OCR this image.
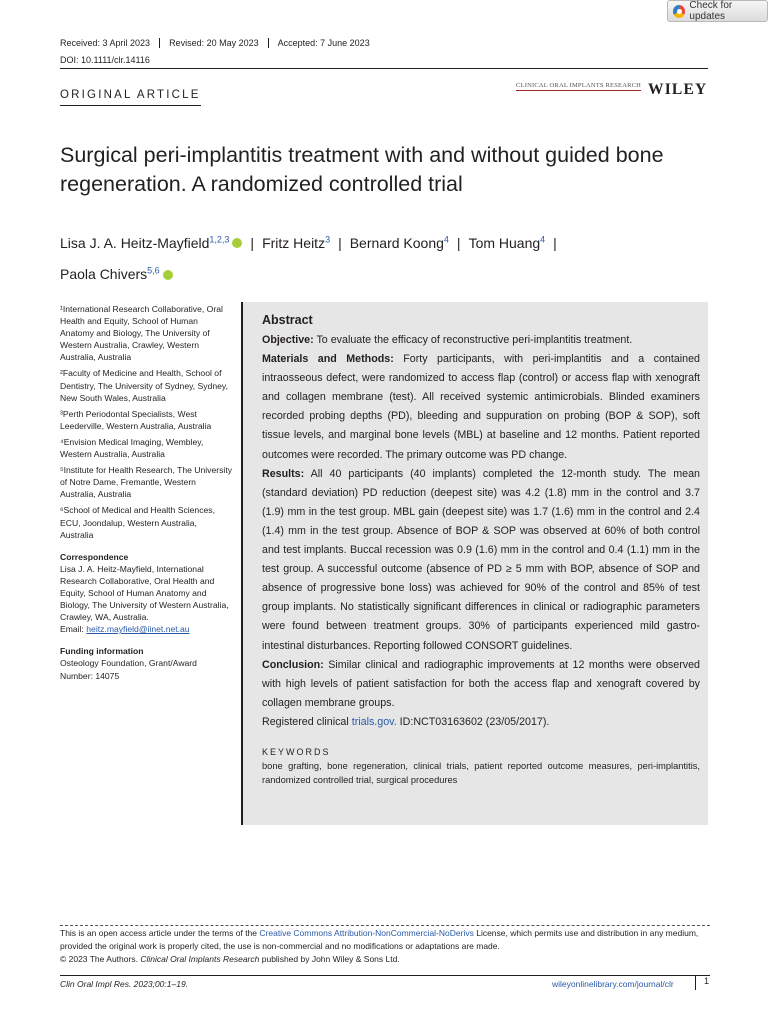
Check for updates
Received: 3 April 2023	Revised: 20 May 2023	Accepted: 7 June 2023
DOI: 10.1111/clr.14116
ORIGINAL ARTICLE
CLINICAL ORAL IMPLANTS RESEARCH WILEY
Surgical peri-implantitis treatment with and without guided bone regeneration. A randomized controlled trial
Lisa J. A. Heitz-Mayfield$^{1,2,3}$ | Fritz Heitz$^3$ | Bernard Koong$^4$ | Tom Huang$^4$ |
Paola Chivers$^{5,6}$
¹International Research Collaborative, Oral Health and Equity, School of Human Anatomy and Biology, The University of Western Australia, Crawley, Western Australia, Australia
²Faculty of Medicine and Health, School of Dentistry, The University of Sydney, Sydney, New South Wales, Australia
³Perth Periodontal Specialists, West Leederville, Western Australia, Australia
⁴Envision Medical Imaging, Wembley, Western Australia, Australia
⁵Institute for Health Research, The University of Notre Dame, Fremantle, Western Australia, Australia
⁶School of Medical and Health Sciences, ECU, Joondalup, Western Australia, Australia
Correspondence
Lisa J. A. Heitz-Mayfield, International Research Collaborative, Oral Health and Equity, School of Human Anatomy and Biology, The University of Western Australia, Crawley, WA, Australia.
Email: heitz.mayfield@iinet.net.au
Funding information
Osteology Foundation, Grant/Award Number: 14075
Abstract

Objective: To evaluate the efficacy of reconstructive peri-implantitis treatment.

Materials and Methods: Forty participants, with peri-implantitis and a contained intraosseous defect, were randomized to access flap (control) or access flap with xenograft and collagen membrane (test). All received systemic antimicrobials. Blinded examiners recorded probing depths (PD), bleeding and suppuration on probing (BOP & SOP), soft tissue levels, and marginal bone levels (MBL) at baseline and 12 months. Patient reported outcomes were recorded. The primary outcome was PD change.

Results: All 40 participants (40 implants) completed the 12-month study. The mean (standard deviation) PD reduction (deepest site) was 4.2 (1.8) mm in the control and 3.7 (1.9) mm in the test group. MBL gain (deepest site) was 1.7 (1.6) mm in the control and 2.4 (1.4) mm in the test group. Absence of BOP & SOP was observed at 60% of both control and test implants. Buccal recession was 0.9 (1.6) mm in the control and 0.4 (1.1) mm in the test group. A successful outcome (absence of PD ≥ 5 mm with BOP, absence of SOP and absence of progressive bone loss) was achieved for 90% of the control and 85% of test group implants. No statistically significant differences in clinical or radiographic parameters were found between treatment groups. 30% of participants experienced mild gastro-intestinal disturbances. Reporting followed CONSORT guidelines.

Conclusion: Similar clinical and radiographic improvements at 12 months were observed with high levels of patient satisfaction for both the access flap and xenograft covered by collagen membrane groups.

Registered clinical trials.gov. ID:NCT03163602 (23/05/2017).

KEYWORDS

bone grafting, bone regeneration, clinical trials, patient reported outcome measures, peri-implantitis, randomized controlled trial, surgical procedures

This is an open access article under the terms of the Creative Commons Attribution-NonCommercial-NoDerivs License, which permits use and distribution in any medium, provided the original work is properly cited, the use is non-commercial and no modifications or adaptations are made.
© 2023 The Authors. Clinical Oral Implants Research published by John Wiley & Sons Ltd.
Clin Oral Impl Res. 2023;00:1–19.	wileyonlinelibrary.com/journal/clr	1
